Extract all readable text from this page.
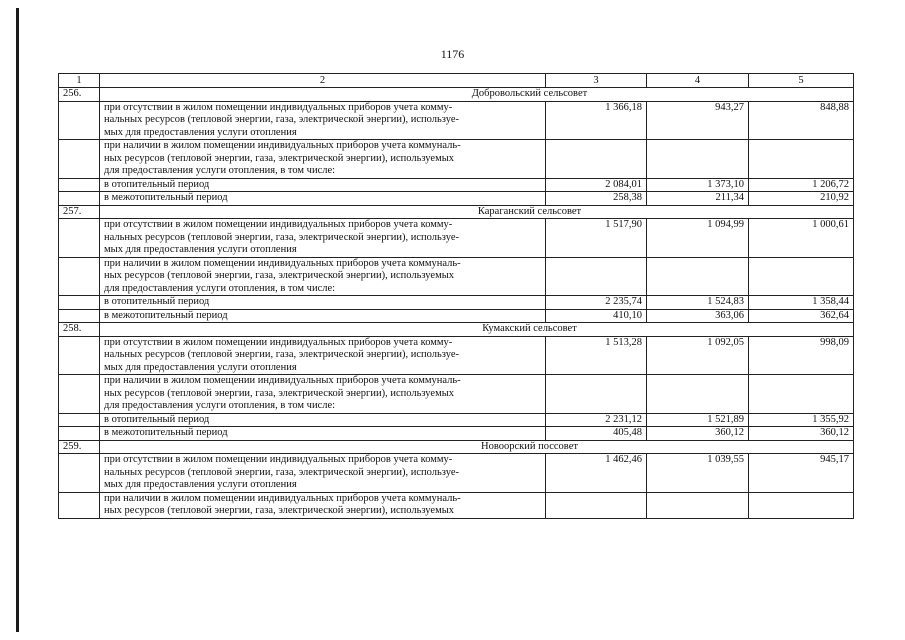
1176
1	2	3	4	5
256.	Добровольский сельсовет			

	при отсутствии в жилом помещении индивидуальных приборов учета комму-
нальных ресурсов (тепловой энергии, газа, электрической энергии), используе-
мых для предоставления услуги отопления	1 366,18	943,27	848,88

	при наличии в жилом помещении индивидуальных приборов учета коммуналь-
ных ресурсов (тепловой энергии, газа, электрической энергии), используемых
для предоставления услуги отопления, в том числе:			

	в отопительный период	2 084,01	1 373,10	1 206,72

	в межотопительный период	258,38	211,34	210,92
257.	Караганский сельсовет			

	при отсутствии в жилом помещении индивидуальных приборов учета комму-
нальных ресурсов (тепловой энергии, газа, электрической энергии), используе-
мых для предоставления услуги отопления	1 517,90	1 094,99	1 000,61

	при наличии в жилом помещении индивидуальных приборов учета коммуналь-
ных ресурсов (тепловой энергии, газа, электрической энергии), используемых
для предоставления услуги отопления, в том числе:			

	в отопительный период	2 235,74	1 524,83	1 358,44

	в межотопительный период	410,10	363,06	362,64
258.	Кумакский сельсовет			

	при отсутствии в жилом помещении индивидуальных приборов учета комму-
нальных ресурсов (тепловой энергии, газа, электрической энергии), используе-
мых для предоставления услуги отопления	1 513,28	1 092,05	998,09

	при наличии в жилом помещении индивидуальных приборов учета коммуналь-
ных ресурсов (тепловой энергии, газа, электрической энергии), используемых
для предоставления услуги отопления, в том числе:			

	в отопительный период	2 231,12	1 521,89	1 355,92

	в межотопительный период	405,48	360,12	360,12
259.	Новоорский поссовет			

	при отсутствии в жилом помещении индивидуальных приборов учета комму-
нальных ресурсов (тепловой энергии, газа, электрической энергии), используе-
мых для предоставления услуги отопления	1 462,46	1 039,55	945,17

	при наличии в жилом помещении индивидуальных приборов учета коммуналь-
ных ресурсов (тепловой энергии, газа, электрической энергии), используемых			
